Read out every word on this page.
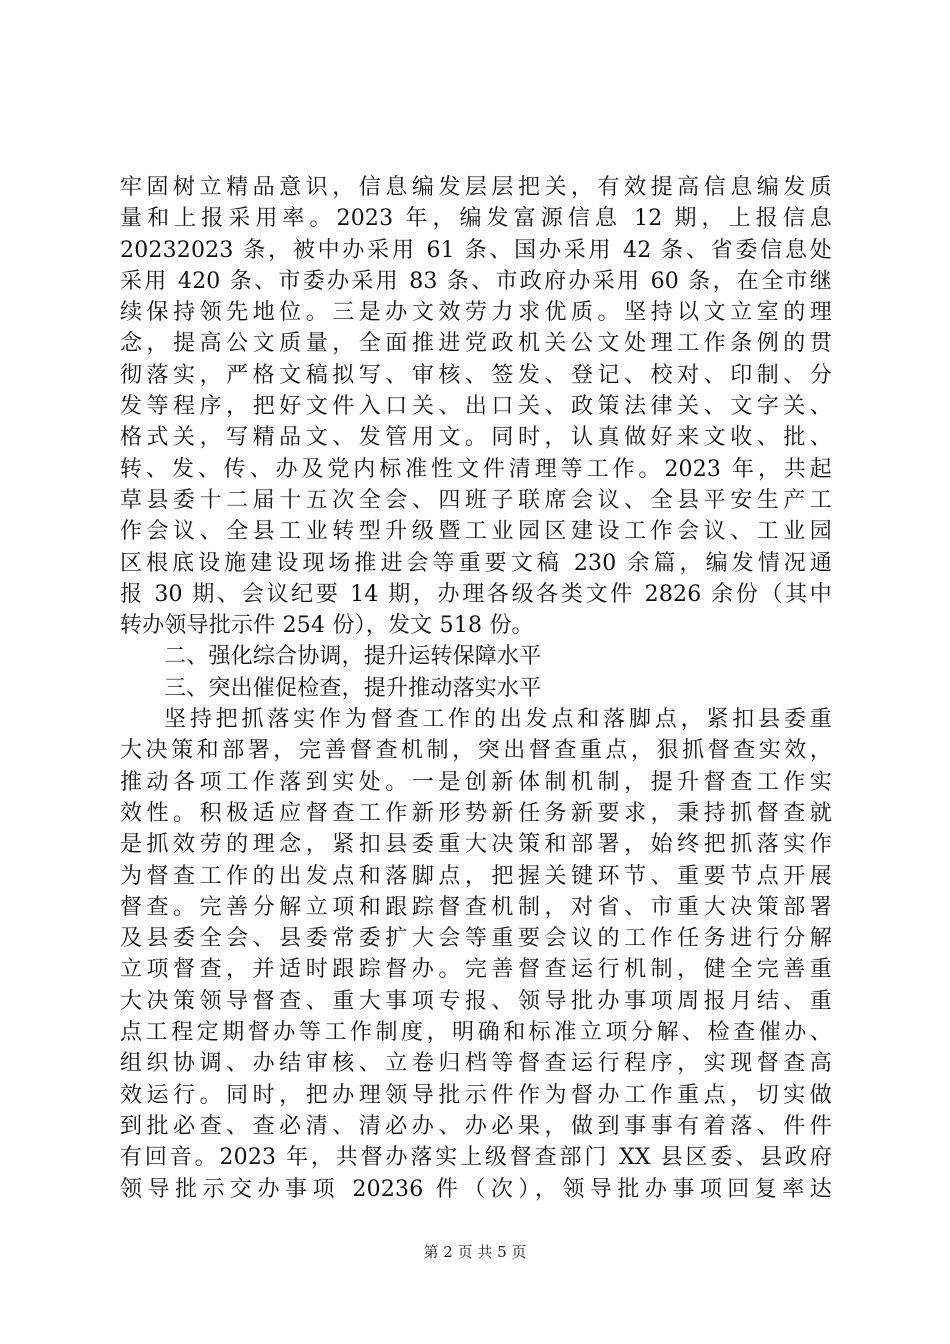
牢固树立精品意识，信息编发层层把关，有效提高信息编发质
量和上报采用率。2023 年，编发富源信息 12 期，上报信息
20232023 条，被中办采用 61 条、国办采用 42 条、省委信息处
采用 420 条、市委办采用 83 条、市政府办采用 60 条，在全市继
续保持领先地位。三是办文效劳力求优质。坚持以文立室的理
念，提高公文质量，全面推进党政机关公文处理工作条例的贯
彻落实，严格文稿拟写、审核、签发、登记、校对、印制、分
发等程序，把好文件入口关、出口关、政策法律关、文字关、
格式关，写精品文、发管用文。同时，认真做好来文收、批、
转、发、传、办及党内标准性文件清理等工作。2023 年，共起
草县委十二届十五次全会、四班子联席会议、全县平安生产工
作会议、全县工业转型升级暨工业园区建设工作会议、工业园
区根底设施建设现场推进会等重要文稿 230 余篇，编发情况通
报 30 期、会议纪要 14 期，办理各级各类文件 2826 余份（其中
转办领导批示件 254 份），发文 518 份。
二、强化综合协调，提升运转保障水平
三、突出催促检查，提升推动落实水平
坚持把抓落实作为督查工作的出发点和落脚点，紧扣县委重
大决策和部署，完善督查机制，突出督查重点，狠抓督查实效，
推动各项工作落到实处。一是创新体制机制，提升督查工作实
效性。积极适应督查工作新形势新任务新要求，秉持抓督查就
是抓效劳的理念，紧扣县委重大决策和部署，始终把抓落实作
为督查工作的出发点和落脚点，把握关键环节、重要节点开展
督查。完善分解立项和跟踪督查机制，对省、市重大决策部署
及县委全会、县委常委扩大会等重要会议的工作任务进行分解
立项督查，并适时跟踪督办。完善督查运行机制，健全完善重
大决策领导督查、重大事项专报、领导批办事项周报月结、重
点工程定期督办等工作制度，明确和标准立项分解、检查催办、
组织协调、办结审核、立卷归档等督查运行程序，实现督查高
效运行。同时，把办理领导批示件作为督办工作重点，切实做
到批必查、查必清、清必办、办必果，做到事事有着落、件件
有回音。2023 年，共督办落实上级督查部门 XX 县区委、县政府
领导批示交办事项 20236 件（次），领导批办事项回复率达
第 2 页 共 5 页
